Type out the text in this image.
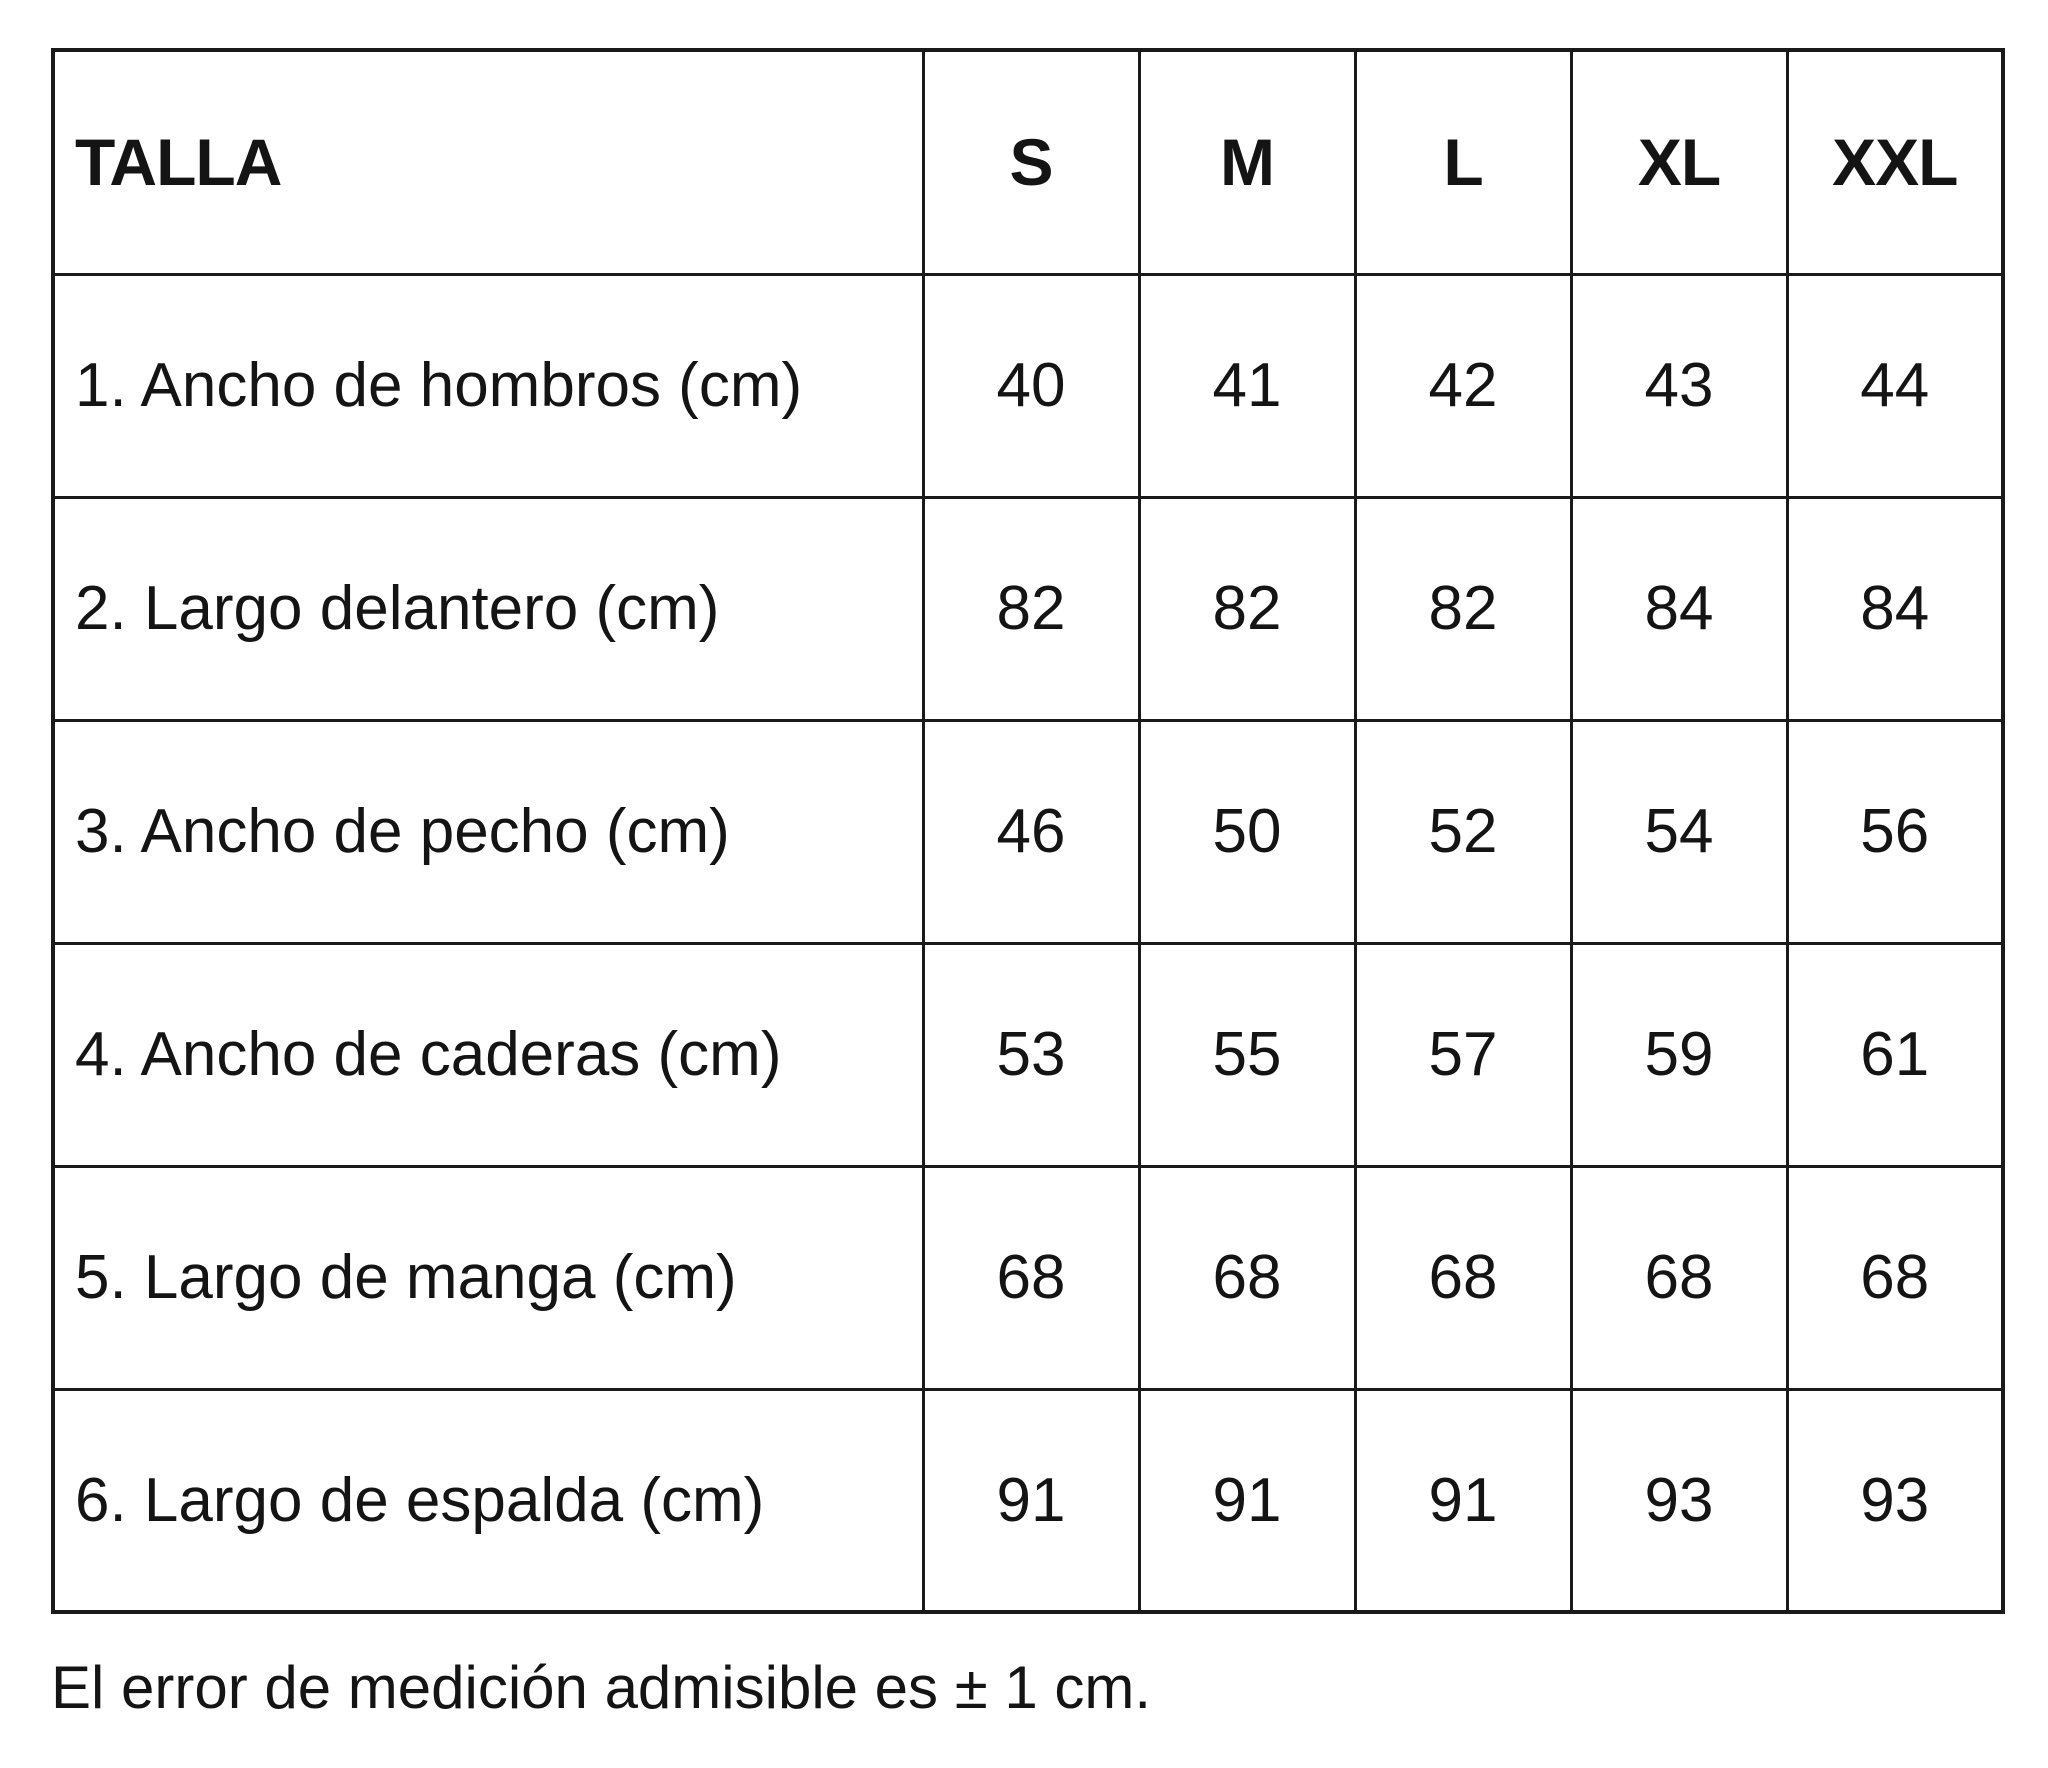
TALLA	S	M	L	XL	XXL
1. Ancho de hombros (cm)	40	41	42	43	44
2. Largo delantero (cm)	82	82	82	84	84
3. Ancho de pecho (cm)	46	50	52	54	56
4. Ancho de caderas (cm)	53	55	57	59	61
5. Largo de manga (cm)	68	68	68	68	68
6. Largo de espalda (cm)	91	91	91	93	93

El error de medición admisible es ± 1 cm.
